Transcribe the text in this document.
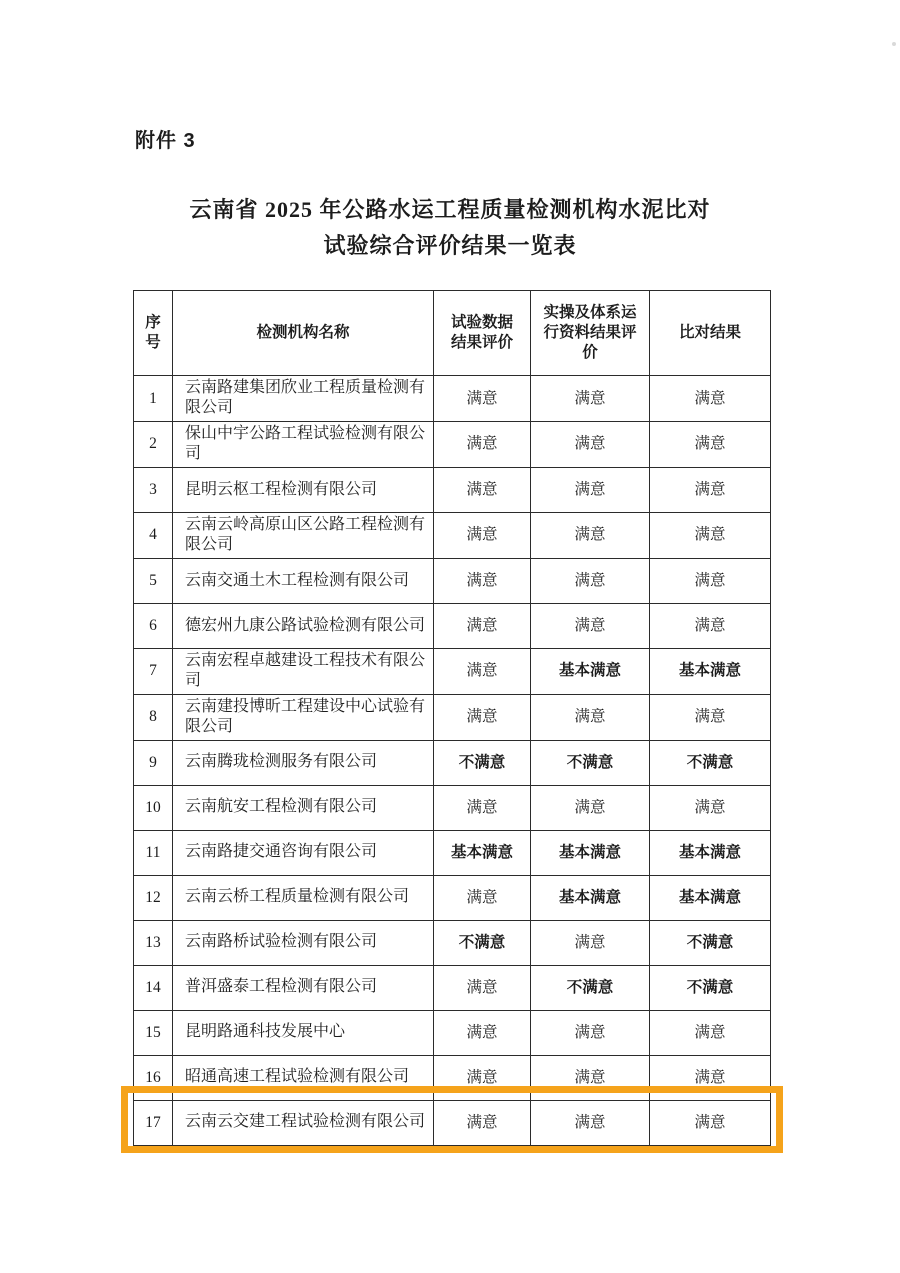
附件 3
云南省 2025 年公路水运工程质量检测机构水泥比对
试验综合评价结果一览表
序号	检测机构名称	试验数据结果评价	实操及体系运行资料结果评价	比对结果
1	云南路建集团欣业工程质量检测有限公司	满意	满意	满意
2	保山中宇公路工程试验检测有限公司	满意	满意	满意
3	昆明云枢工程检测有限公司	满意	满意	满意
4	云南云岭高原山区公路工程检测有限公司	满意	满意	满意
5	云南交通土木工程检测有限公司	满意	满意	满意
6	德宏州九康公路试验检测有限公司	满意	满意	满意
7	云南宏程卓越建设工程技术有限公司	满意	基本满意	基本满意
8	云南建投博昕工程建设中心试验有限公司	满意	满意	满意
9	云南腾珑检测服务有限公司	不满意	不满意	不满意
10	云南航安工程检测有限公司	满意	满意	满意
11	云南路捷交通咨询有限公司	基本满意	基本满意	基本满意
12	云南云桥工程质量检测有限公司	满意	基本满意	基本满意
13	云南路桥试验检测有限公司	不满意	满意	不满意
14	普洱盛泰工程检测有限公司	满意	不满意	不满意
15	昆明路通科技发展中心	满意	满意	满意
16	昭通高速工程试验检测有限公司	满意	满意	满意
17	云南云交建工程试验检测有限公司	满意	满意	满意
